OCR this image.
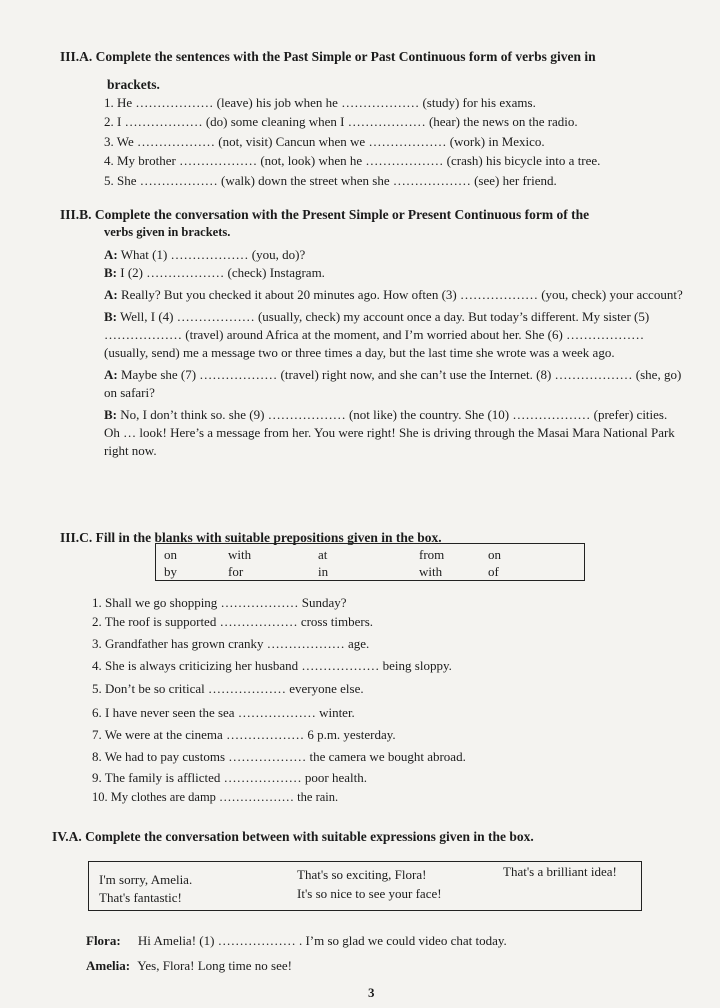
III.A. Complete the sentences with the Past Simple or Past Continuous form of verbs given in
brackets.
1. He ……………… (leave) his job when he ……………… (study) for his exams.
2. I ……………… (do) some cleaning when I ……………… (hear) the news on the radio.
3. We ……………… (not, visit) Cancun when we ……………… (work) in Mexico.
4. My brother ……………… (not, look) when he ……………… (crash) his bicycle into a tree.
5. She ……………… (walk) down the street when she ……………… (see) her friend.
III.B. Complete the conversation with the Present Simple or Present Continuous form of the
verbs given in brackets.
A: What (1) ……………… (you, do)?
B: I (2) ……………… (check) Instagram.
A: Really? But you checked it about 20 minutes ago. How often (3) ……………… (you, check) your account?
B: Well, I (4) ……………… (usually, check) my account once a day. But today’s different. My sister (5) ……………… (travel) around Africa at the moment, and I’m worried about her. She (6) ……………… (usually, send) me a message two or three times a day, but the last time she wrote was a week ago.
A: Maybe she (7) ……………… (travel) right now, and she can’t use the Internet. (8) ……………… (she, go) on safari?
B: No, I don’t think so. she (9) ……………… (not like) the country. She (10) ……………… (prefer) cities. Oh … look! Here’s a message from her. You were right! She is driving through the Masai Mara National Park right now.
III.C. Fill in the blanks with suitable prepositions given in the box.
on	with	at	from	on
by	for	in	with	of
1. Shall we go shopping ……………… Sunday?
2. The roof is supported ……………… cross timbers.
3. Grandfather has grown cranky ……………… age.
4. She is always criticizing her husband ……………… being sloppy.
5. Don’t be so critical ……………… everyone else.
6. I have never seen the sea ……………… winter.
7. We were at the cinema ……………… 6 p.m. yesterday.
8. We had to pay customs ……………… the camera we bought abroad.
9. The family is afflicted ……………… poor health.
10. My clothes are damp ……………… the rain.
IV.A. Complete the conversation between with suitable expressions given in the box.
I'm sorry, Amelia.	That's so exciting, Flora!	That's a brilliant idea!
That's fantastic!	It's so nice to see your face!
Flora: Hi Amelia! (1) ……………… . I’m so glad we could video chat today.
Amelia: Yes, Flora! Long time no see!
3
